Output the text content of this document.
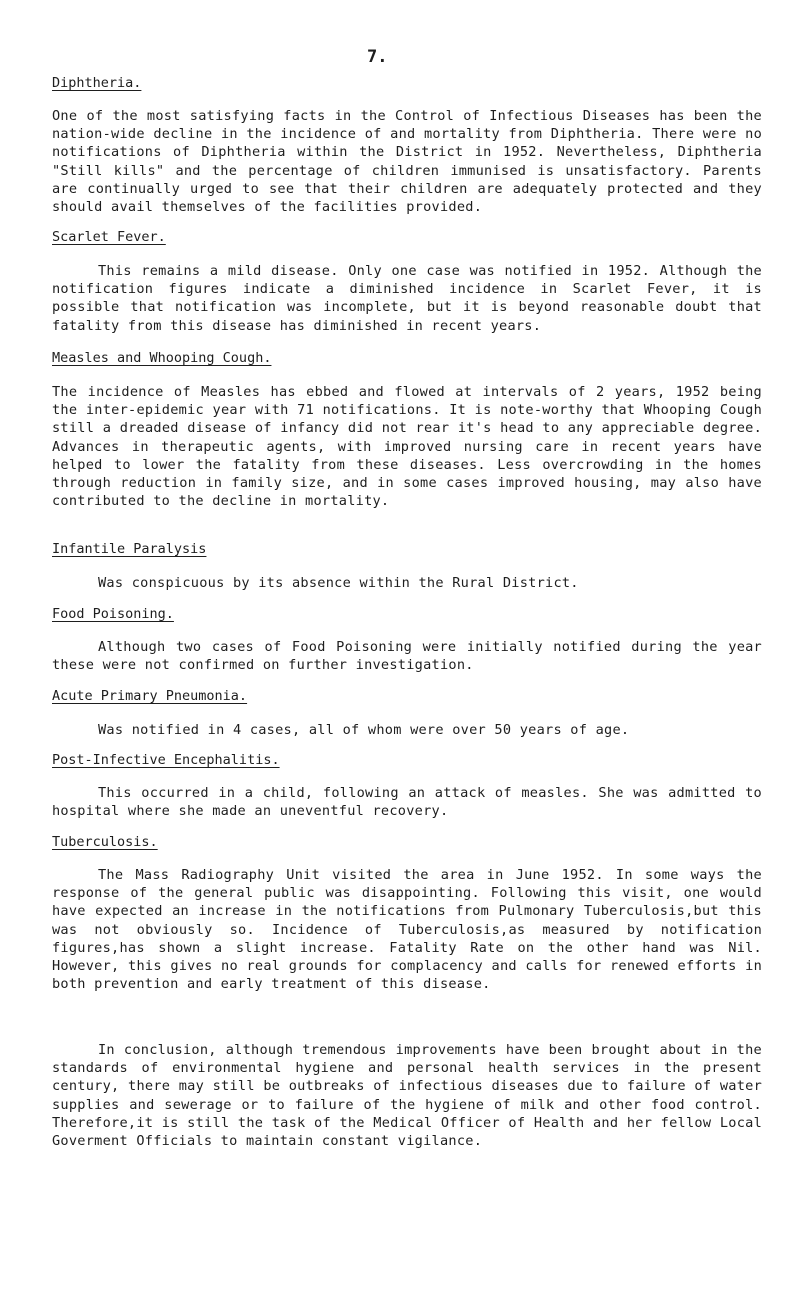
7.
Diphtheria.

One of the most satisfying facts in the Control of Infectious Diseases has been the nation-wide decline in the incidence of and mortality from Diphtheria. There were no notifications of Diphtheria within the District in 1952. Nevertheless, Diphtheria "Still kills" and the percentage of children immunised is unsatisfactory. Parents are continually urged to see that their children are adequately protected and they should avail themselves of the facilities provided.

Scarlet Fever.

This remains a mild disease. Only one case was notified in 1952. Although the notification figures indicate a diminished incidence in Scarlet Fever, it is possible that notification was incomplete, but it is beyond reasonable doubt that fatality from this disease has diminished in recent years.

Measles and Whooping Cough.

The incidence of Measles has ebbed and flowed at intervals of 2 years, 1952 being the inter-epidemic year with 71 notifications. It is note-worthy that Whooping Cough still a dreaded disease of infancy did not rear it's head to any appreciable degree. Advances in therapeutic agents, with improved nursing care in recent years have helped to lower the fatality from these diseases. Less overcrowding in the homes through reduction in family size, and in some cases improved housing, may also have contributed to the decline in mortality.

Infantile Paralysis

Was conspicuous by its absence within the Rural District.

Food Poisoning.

Although two cases of Food Poisoning were initially notified during the year these were not confirmed on further investigation.

Acute Primary Pneumonia.

Was notified in 4 cases, all of whom were over 50 years of age.

Post-Infective Encephalitis.

This occurred in a child, following an attack of measles. She was admitted to hospital where she made an uneventful recovery.

Tuberculosis.

The Mass Radiography Unit visited the area in June 1952. In some ways the response of the general public was disappointing. Following this visit, one would have expected an increase in the notifications from Pulmonary Tuberculosis,but this was not obviously so. Incidence of Tuberculosis,as measured by notification figures,has shown a slight increase. Fatality Rate on the other hand was Nil. However, this gives no real grounds for complacency and calls for renewed efforts in both prevention and early treatment of this disease.

In conclusion, although tremendous improvements have been brought about in the standards of environmental hygiene and personal health services in the present century, there may still be outbreaks of infectious diseases due to failure of water supplies and sewerage or to failure of the hygiene of milk and other food control. Therefore,it is still the task of the Medical Officer of Health and her fellow Local Goverment Officials to maintain constant vigilance.
